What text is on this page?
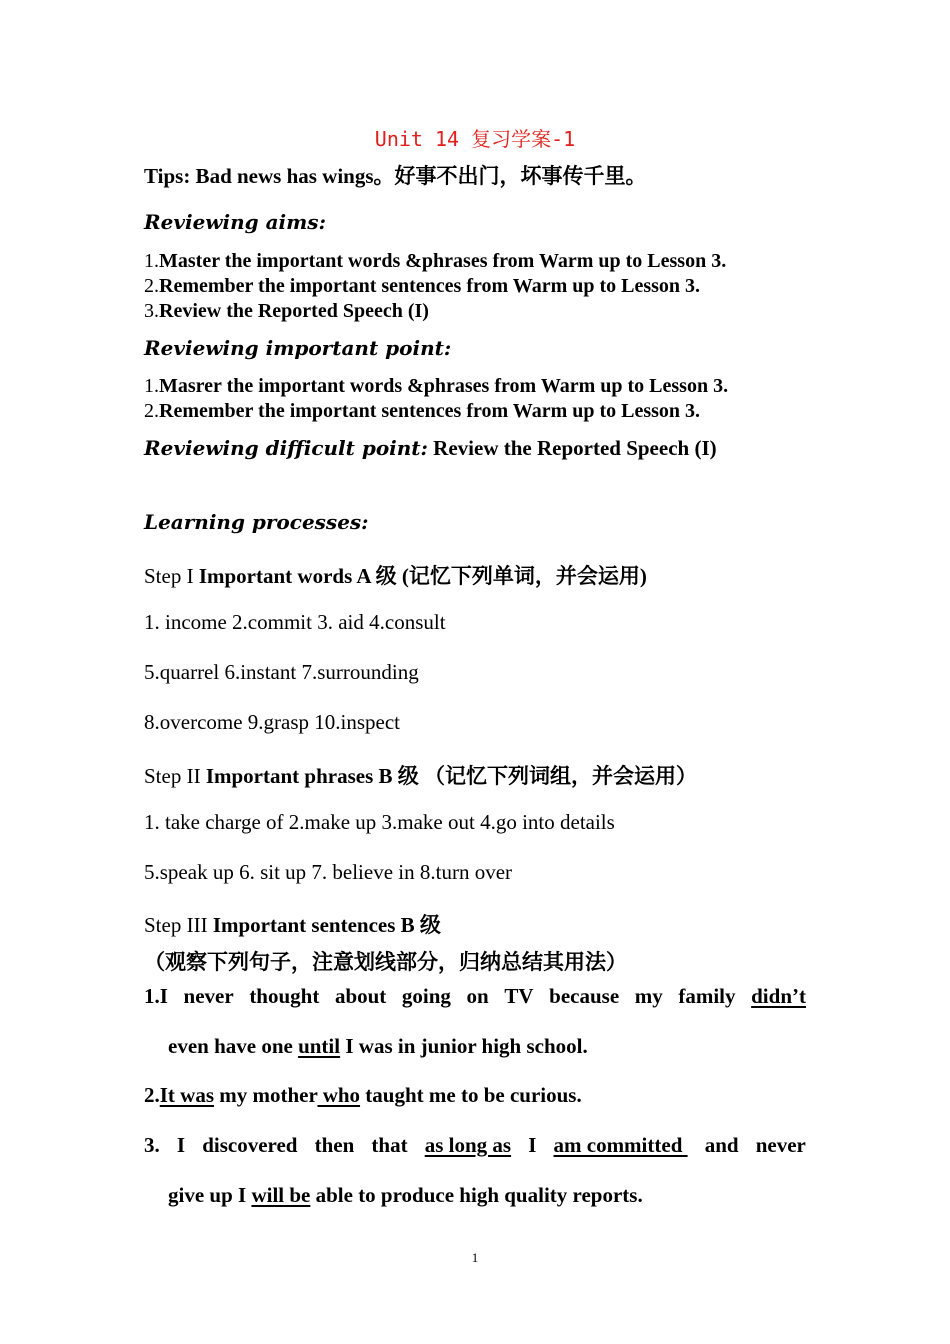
Unit 14 复习学案-1
Tips: Bad news has wings。好事不出门，坏事传千里。
Reviewing aims:
1.Master the important words &phrases from Warm up to Lesson 3.
2.Remember the important sentences from Warm up to Lesson 3.
3.Review the Reported Speech (I)
Reviewing important point:
1.Masrer the important words &phrases from Warm up to Lesson 3.
2.Remember the important sentences from Warm up to Lesson 3.
Reviewing difficult point: Review the Reported Speech (I)
Learning processes:
Step I Important words A 级 (记忆下列单词，并会运用)
1. income 2.commit 3. aid 4.consult
5.quarrel 6.instant 7.surrounding
8.overcome 9.grasp 10.inspect
Step II Important phrases B 级 （记忆下列词组，并会运用）
1. take charge of 2.make up 3.make out 4.go into details
5.speak up 6. sit up 7. believe in 8.turn over
Step III Important sentences B 级
（观察下列句子，注意划线部分，归纳总结其用法）
1.I never thought about going on TV because my family didn’t
even have one until I was in junior high school.
2.It was my mother who taught me to be curious.
3. I discovered then that as long as I am committed and never
give up I will be able to produce high quality reports.
1
